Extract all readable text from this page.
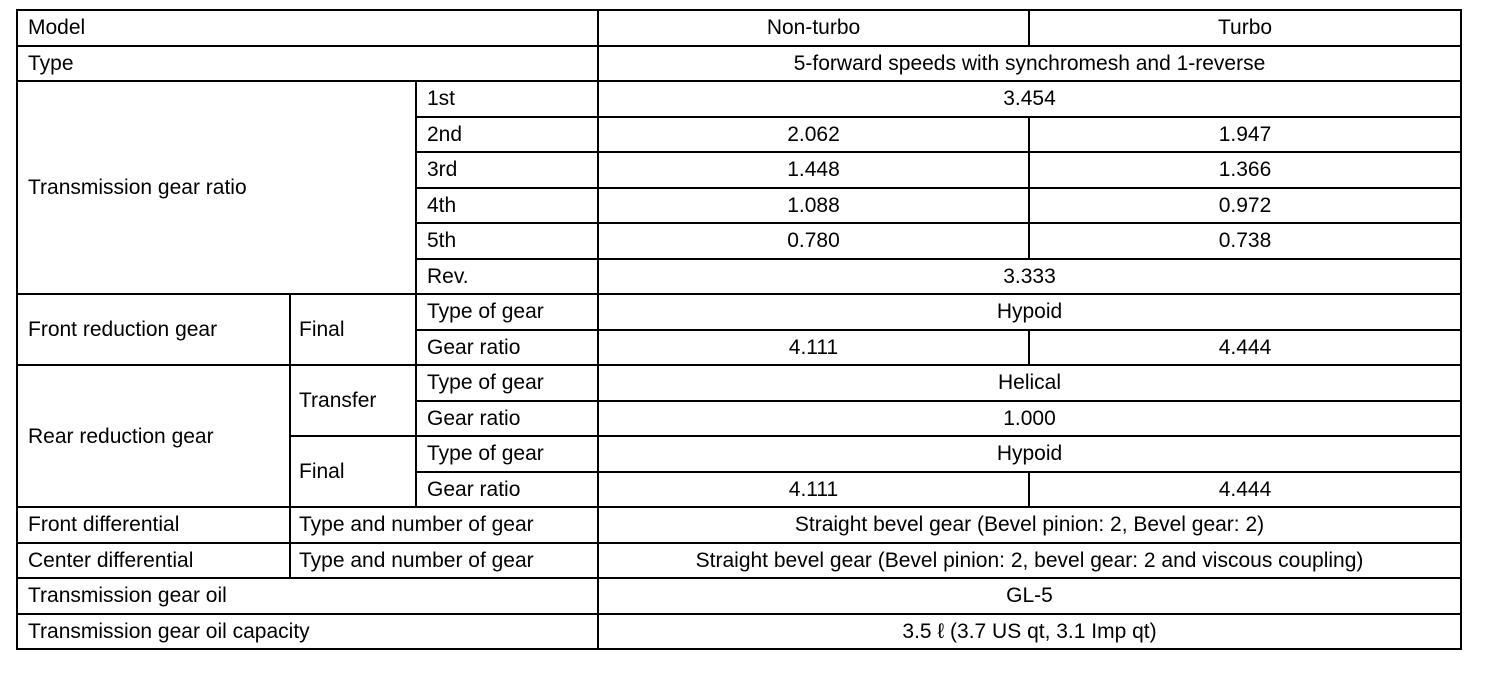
Model			Non-turbo	Turbo
Type			5-forward speeds with synchromesh and 1-reverse	
Transmission gear ratio		1st	3.454	
		2nd	2.062	1.947
		3rd	1.448	1.366
		4th	1.088	0.972
		5th	0.780	0.738
		Rev.	3.333	
Front reduction gear	Final	Type of gear	Hypoid	
		Gear ratio	4.111	4.444
Rear reduction gear	Transfer	Type of gear	Helical	
		Gear ratio	1.000	
	Final	Type of gear	Hypoid	
		Gear ratio	4.111	4.444
Front differential	Type and number of gear		Straight bevel gear (Bevel pinion: 2, Bevel gear: 2)	
Center differential	Type and number of gear		Straight bevel gear (Bevel pinion: 2, bevel gear: 2 and viscous coupling)	
Transmission gear oil			GL-5	
Transmission gear oil capacity			3.5 ℓ (3.7 US qt, 3.1 Imp qt)	
